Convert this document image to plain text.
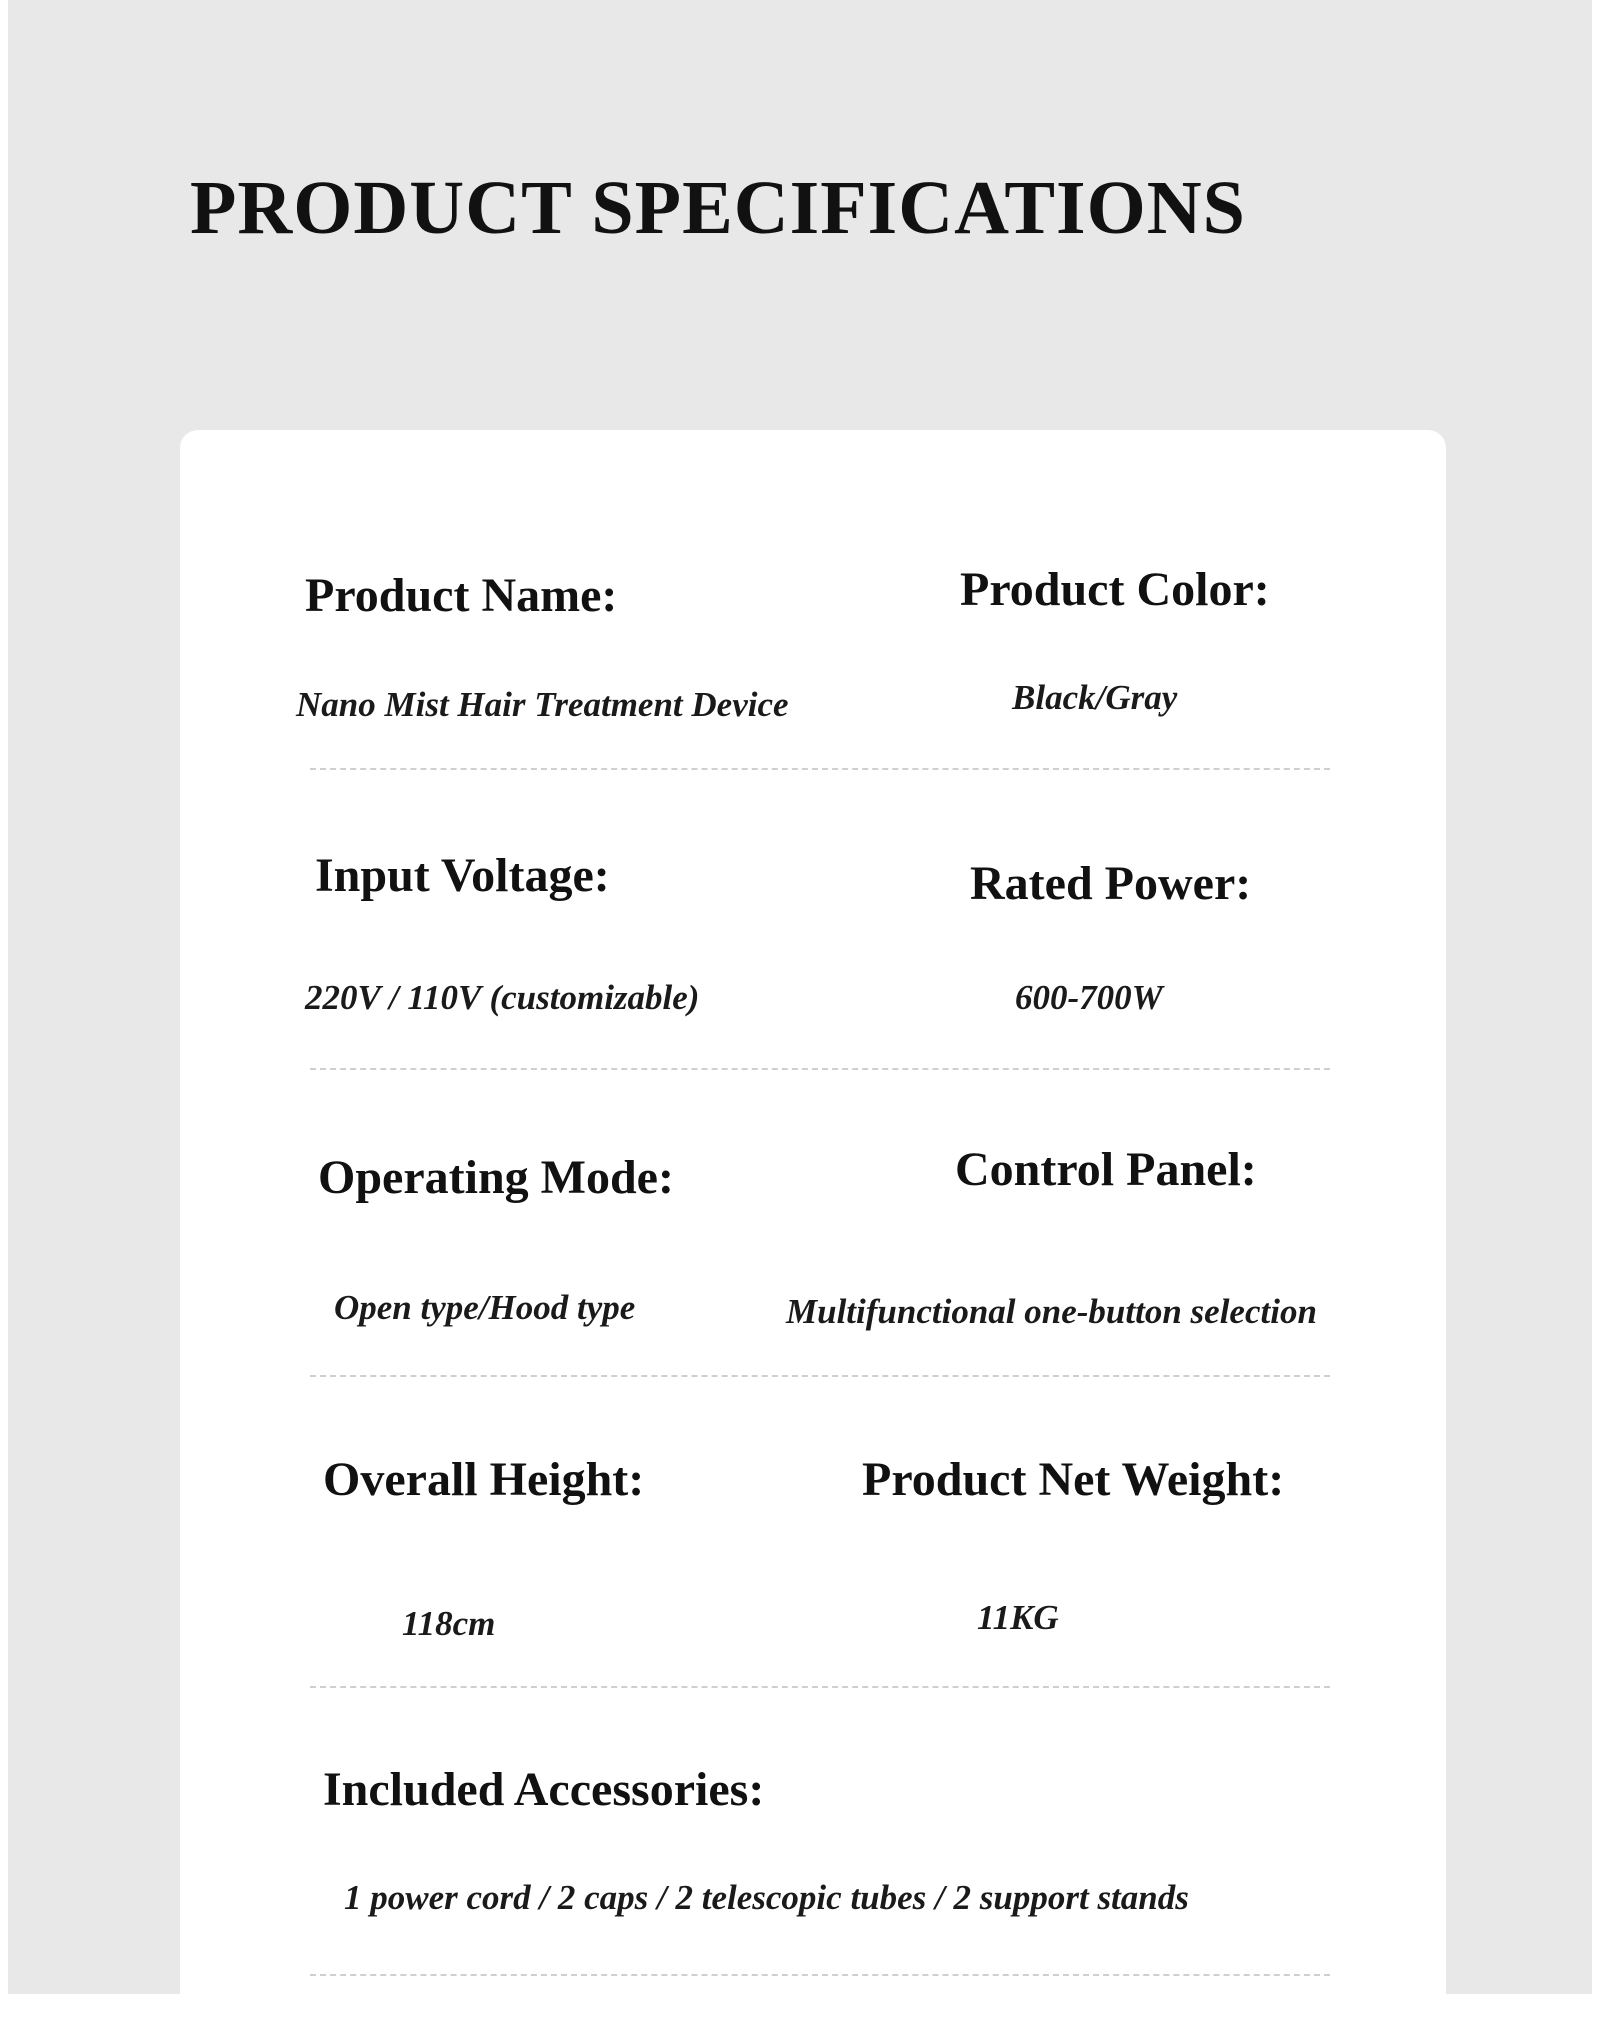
PRODUCT SPECIFICATIONS
Product Name:	Product Color:
Nano Mist Hair Treatment Device	Black/Gray
Input Voltage:	Rated Power:
220V / 110V (customizable)	600-700W
Operating Mode:	Control Panel:
Open type/Hood type	Multifunctional one-button selection
Overall Height:	Product Net Weight:
118cm	11KG
Included Accessories:
1 power cord / 2 caps / 2 telescopic tubes / 2 support stands
